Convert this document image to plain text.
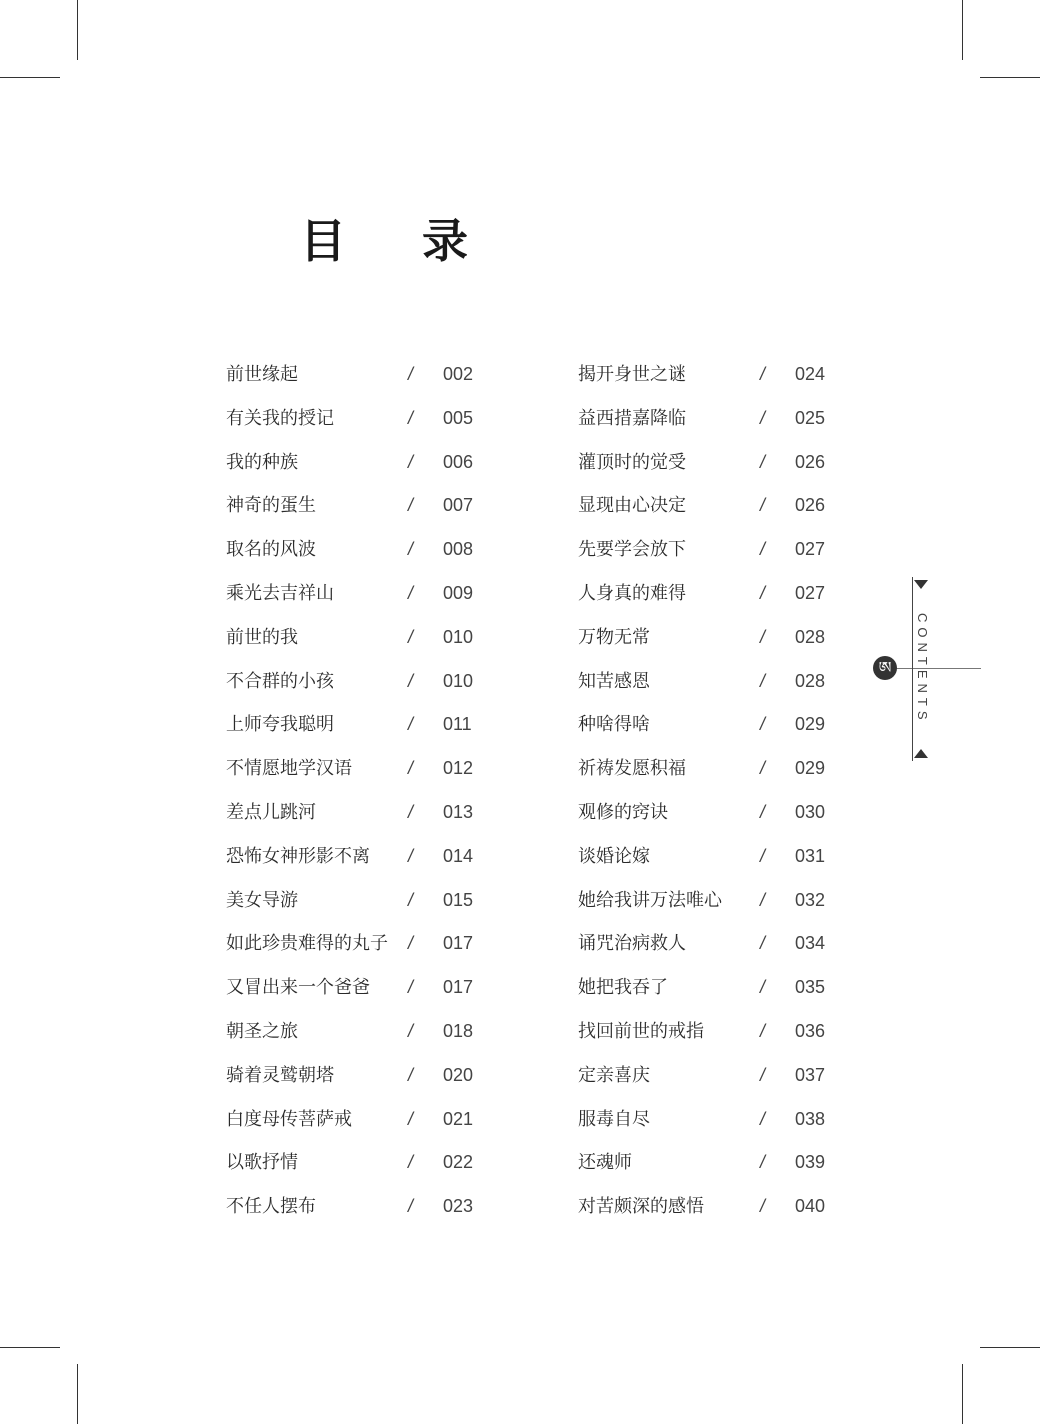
目 录
前世缘起	/ 002
有关我的授记	/ 005
我的种族	/ 006
神奇的蛋生	/ 007
取名的风波	/ 008
乘光去吉祥山	/ 009
前世的我	/ 010
不合群的小孩	/ 010
上师夸我聪明	/ 011
不情愿地学汉语	/ 012
差点儿跳河	/ 013
恐怖女神形影不离 / 014
美女导游	/ 015
如此珍贵难得的丸子 / 017
又冒出来一个爸爸 / 017
朝圣之旅	/ 018
骑着灵鹫朝塔	/ 020
白度母传菩萨戒	/ 021
以歌抒情	/ 022
不任人摆布	/ 023
揭开身世之谜	/ 024
益西措嘉降临	/ 025
灌顶时的觉受	/ 026
显现由心决定	/ 026
先要学会放下	/ 027
人身真的难得	/ 027
万物无常	/ 028
知苦感恩	/ 028
种啥得啥	/ 029
祈祷发愿积福	/ 029
观修的窍诀	/ 030
谈婚论嫁	/ 031
她给我讲万法唯心 / 032
诵咒治病救人	/ 034
她把我吞了	/ 035
找回前世的戒指	/ 036
定亲喜庆	/ 037
服毒自尽	/ 038
还魂师	/ 039
对苦颇深的感悟	/ 040
ཨ	CONTENTS
